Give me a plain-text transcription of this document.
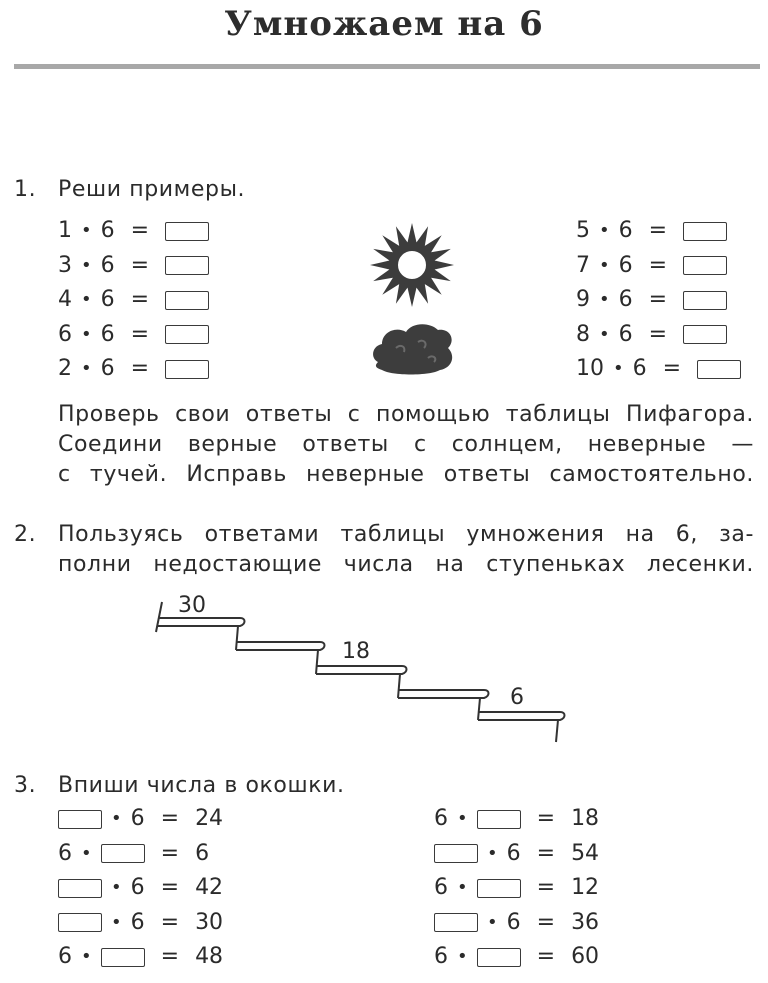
Умножаем на 6
1. Реши примеры.
Проверь свои ответы с помощью таблицы Пифагора.
Соедини верные ответы с солнцем, неверные —
с тучей. Исправь неверные ответы самостоятельно.
2. Пользуясь ответами таблицы умножения на 6, за-
полни недостающие числа на ступеньках лесенки.
30
18
6
3. Впиши числа в окошки.
1 • 6 =
3 • 6 =
4 • 6 =
6 • 6 =
2 • 6 =
5 • 6 =
7 • 6 =
9 • 6 =
8 • 6 =
10 • 6 =
• 6 = 24
6 •	= 6
• 6 = 42
• 6 = 30
6 •	= 48
6 •	= 18
• 6 = 54
6 •	= 12
• 6 = 36
6 •	= 60
